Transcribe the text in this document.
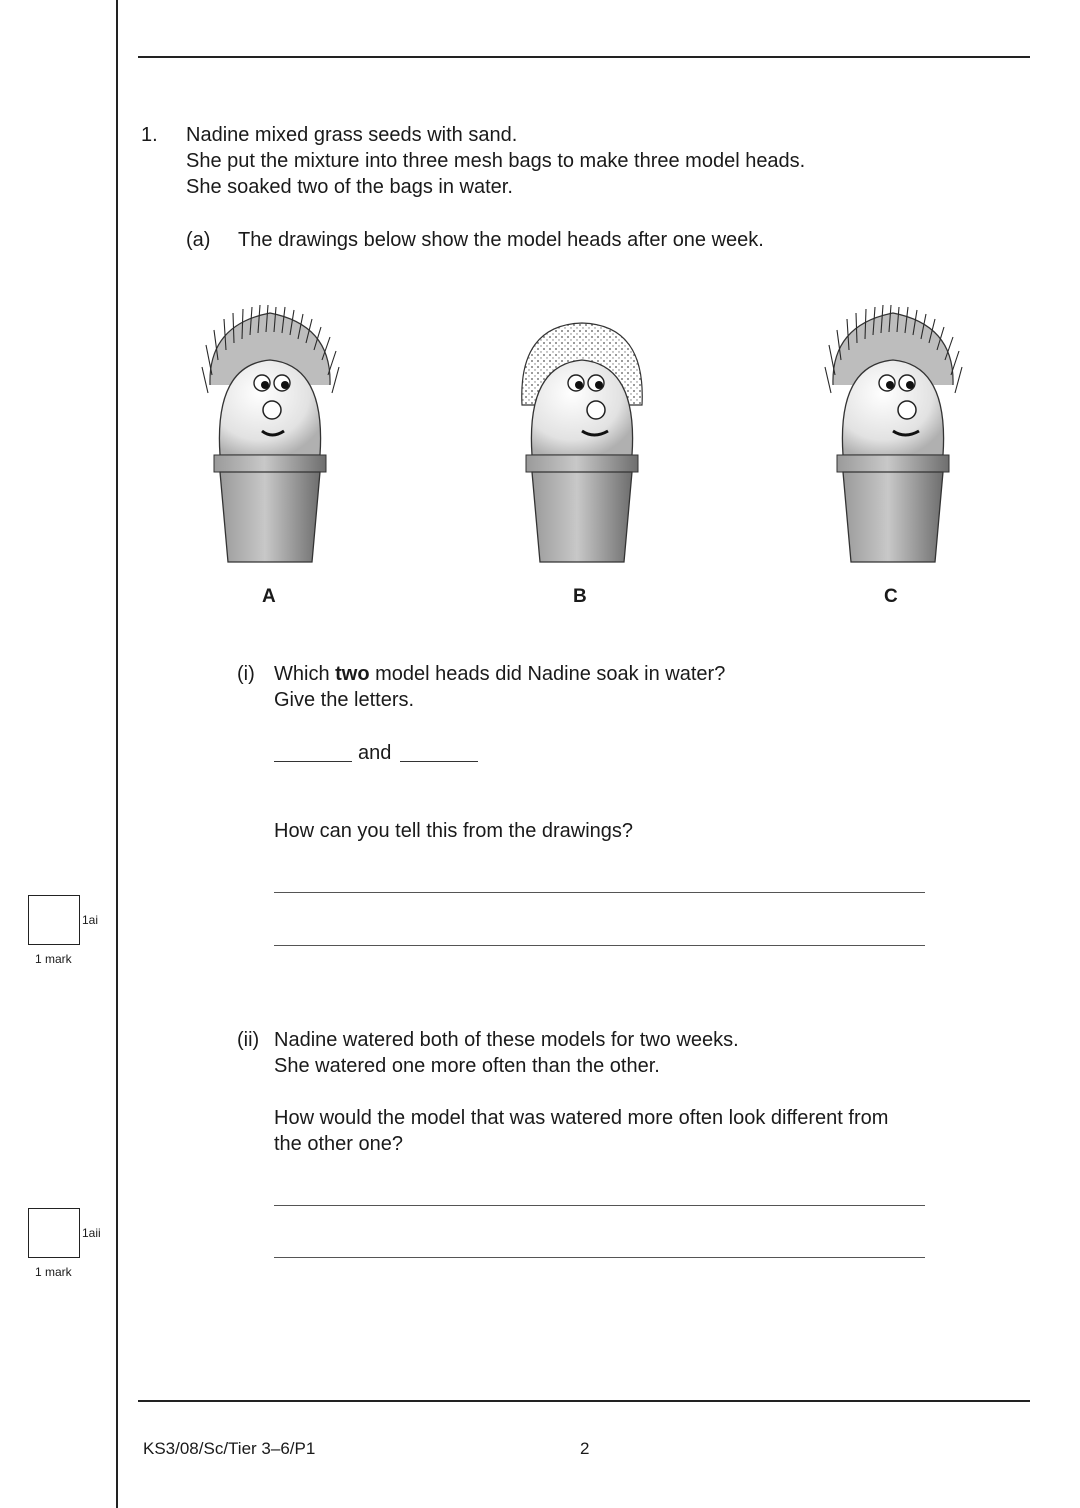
1. Nadine mixed grass seeds with sand.
She put the mixture into three mesh bags to make three model heads.
She soaked two of the bags in water.
(a) The drawings below show the model heads after one week.
A	B	C
(i) Which two model heads did Nadine soak in water?
Give the letters.
and
How can you tell this from the drawings?
1ai
1 mark
(ii) Nadine watered both of these models for two weeks.
She watered one more often than the other.
How would the model that was watered more often look different from
the other one?
1aii
1 mark
KS3/08/Sc/Tier 3–6/P1	2
